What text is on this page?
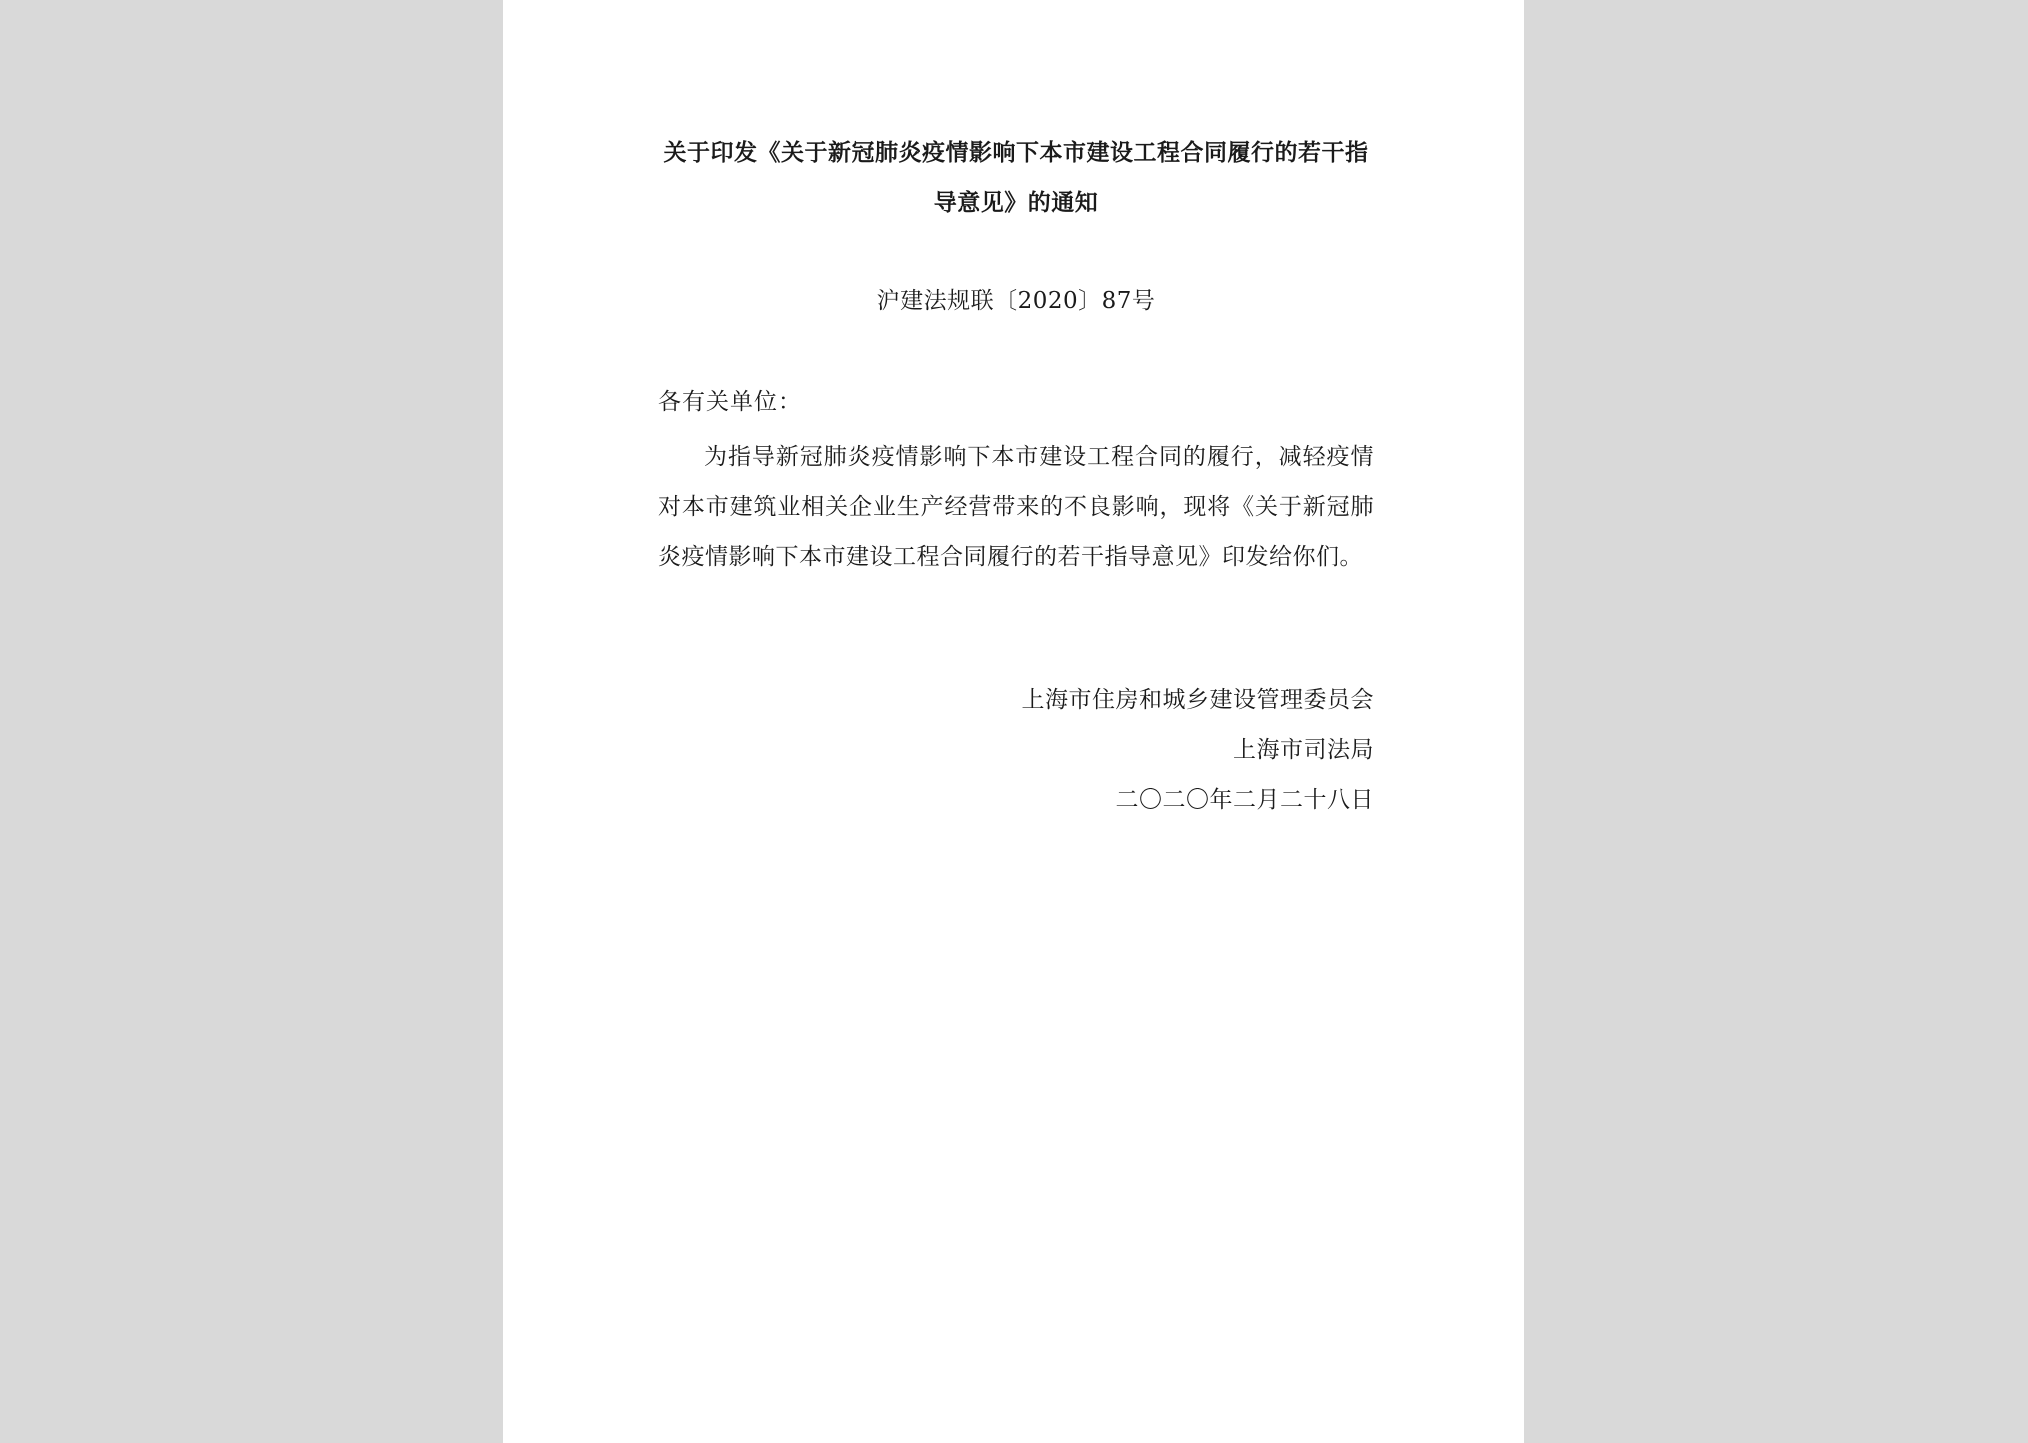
关于印发《关于新冠肺炎疫情影响下本市建设工程合同履行的若干指导意见》的通知
沪建法规联〔2020〕87号
各有关单位：
为指导新冠肺炎疫情影响下本市建设工程合同的履行，减轻疫情对本市建筑业相关企业生产经营带来的不良影响，现将《关于新冠肺炎疫情影响下本市建设工程合同履行的若干指导意见》印发给你们。
上海市住房和城乡建设管理委员会
上海市司法局
二〇二〇年二月二十八日
